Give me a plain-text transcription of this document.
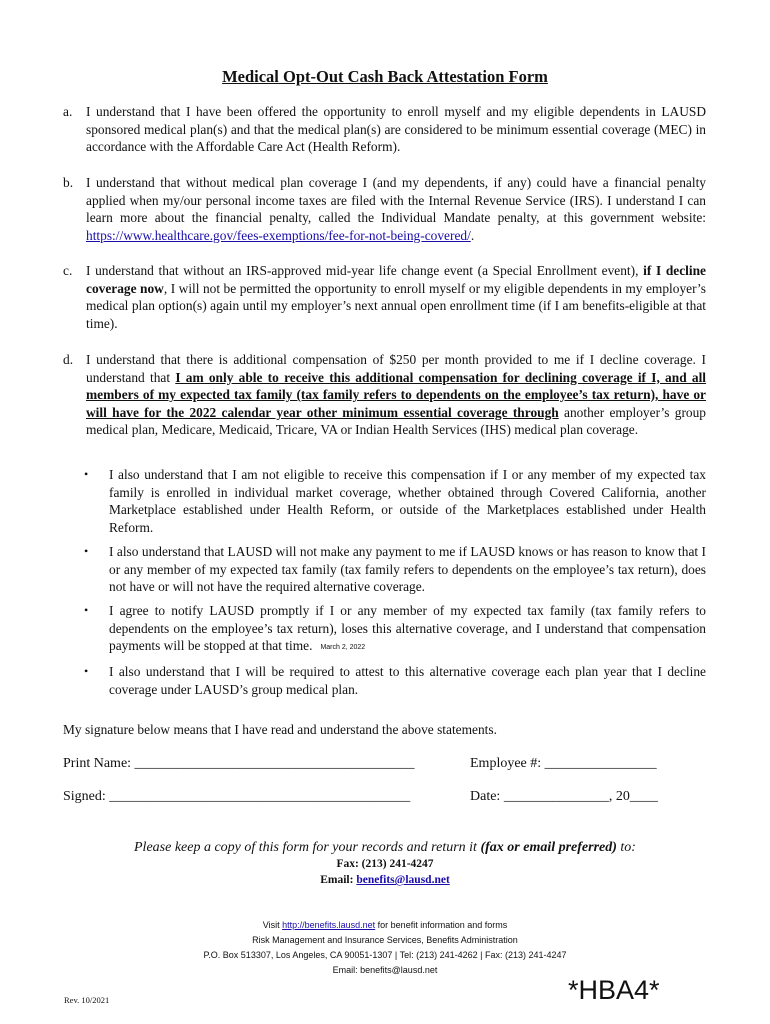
Medical Opt-Out Cash Back Attestation Form
a.	I understand that I have been offered the opportunity to enroll myself and my eligible dependents in LAUSD sponsored medical plan(s) and that the medical plan(s) are considered to be minimum essential coverage (MEC) in accordance with the Affordable Care Act (Health Reform).
b. I understand that without medical plan coverage I (and my dependents, if any) could have a financial penalty applied when my/our personal income taxes are filed with the Internal Revenue Service (IRS). I understand I can learn more about the financial penalty, called the Individual Mandate penalty, at this government website: https://www.healthcare.gov/fees-exemptions/fee-for-not-being-covered/.
c.	I understand that without an IRS-approved mid-year life change event (a Special Enrollment event), if I decline coverage now, I will not be permitted the opportunity to enroll myself or my eligible dependents in my employer’s medical plan option(s) again until my employer’s next annual open enrollment time (if I am benefits-eligible at that time).
d. I understand that there is additional compensation of $250 per month provided to me if I decline coverage. I understand that I am only able to receive this additional compensation for declining coverage if I, and all members of my expected tax family (tax family refers to dependents on the employee’s tax return), have or will have for the 2022 calendar year other minimum essential coverage through another employer’s group medical plan, Medicare, Medicaid, Tricare, VA or Indian Health Services (IHS) medical plan coverage.
• I also understand that I am not eligible to receive this compensation if I or any member of my expected tax family is enrolled in individual market coverage, whether obtained through Covered California, another Marketplace established under Health Reform, or outside of the Marketplaces established under Health Reform.
• I also understand that LAUSD will not make any payment to me if LAUSD knows or has reason to know that I or any member of my expected tax family (tax family refers to dependents on the employee’s tax return), does not have or will not have the required alternative coverage.
• I agree to notify LAUSD promptly if I or any member of my expected tax family (tax family refers to dependents on the employee’s tax return), loses this alternative coverage, and I understand that compensation payments will be stopped at that time. March 2, 2022
• I also understand that I will be required to attest to this alternative coverage each plan year that I decline coverage under LAUSD’s group medical plan.
My signature below means that I have read and understand the above statements.
Print Name: ________________________________________	Employee #: ________________
Signed: ___________________________________________	Date: _______________, 20____
Please keep a copy of this form for your records and return it (fax or email preferred) to:
Fax: (213) 241-4247
Email: benefits@lausd.net
Visit http://benefits.lausd.net for benefit information and forms
Risk Management and Insurance Services, Benefits Administration
P.O. Box 513307, Los Angeles, CA 90051-1307 | Tel: (213) 241-4262 | Fax: (213) 241-4247
Email: benefits@lausd.net
Rev. 10/2021	*HBA4*
